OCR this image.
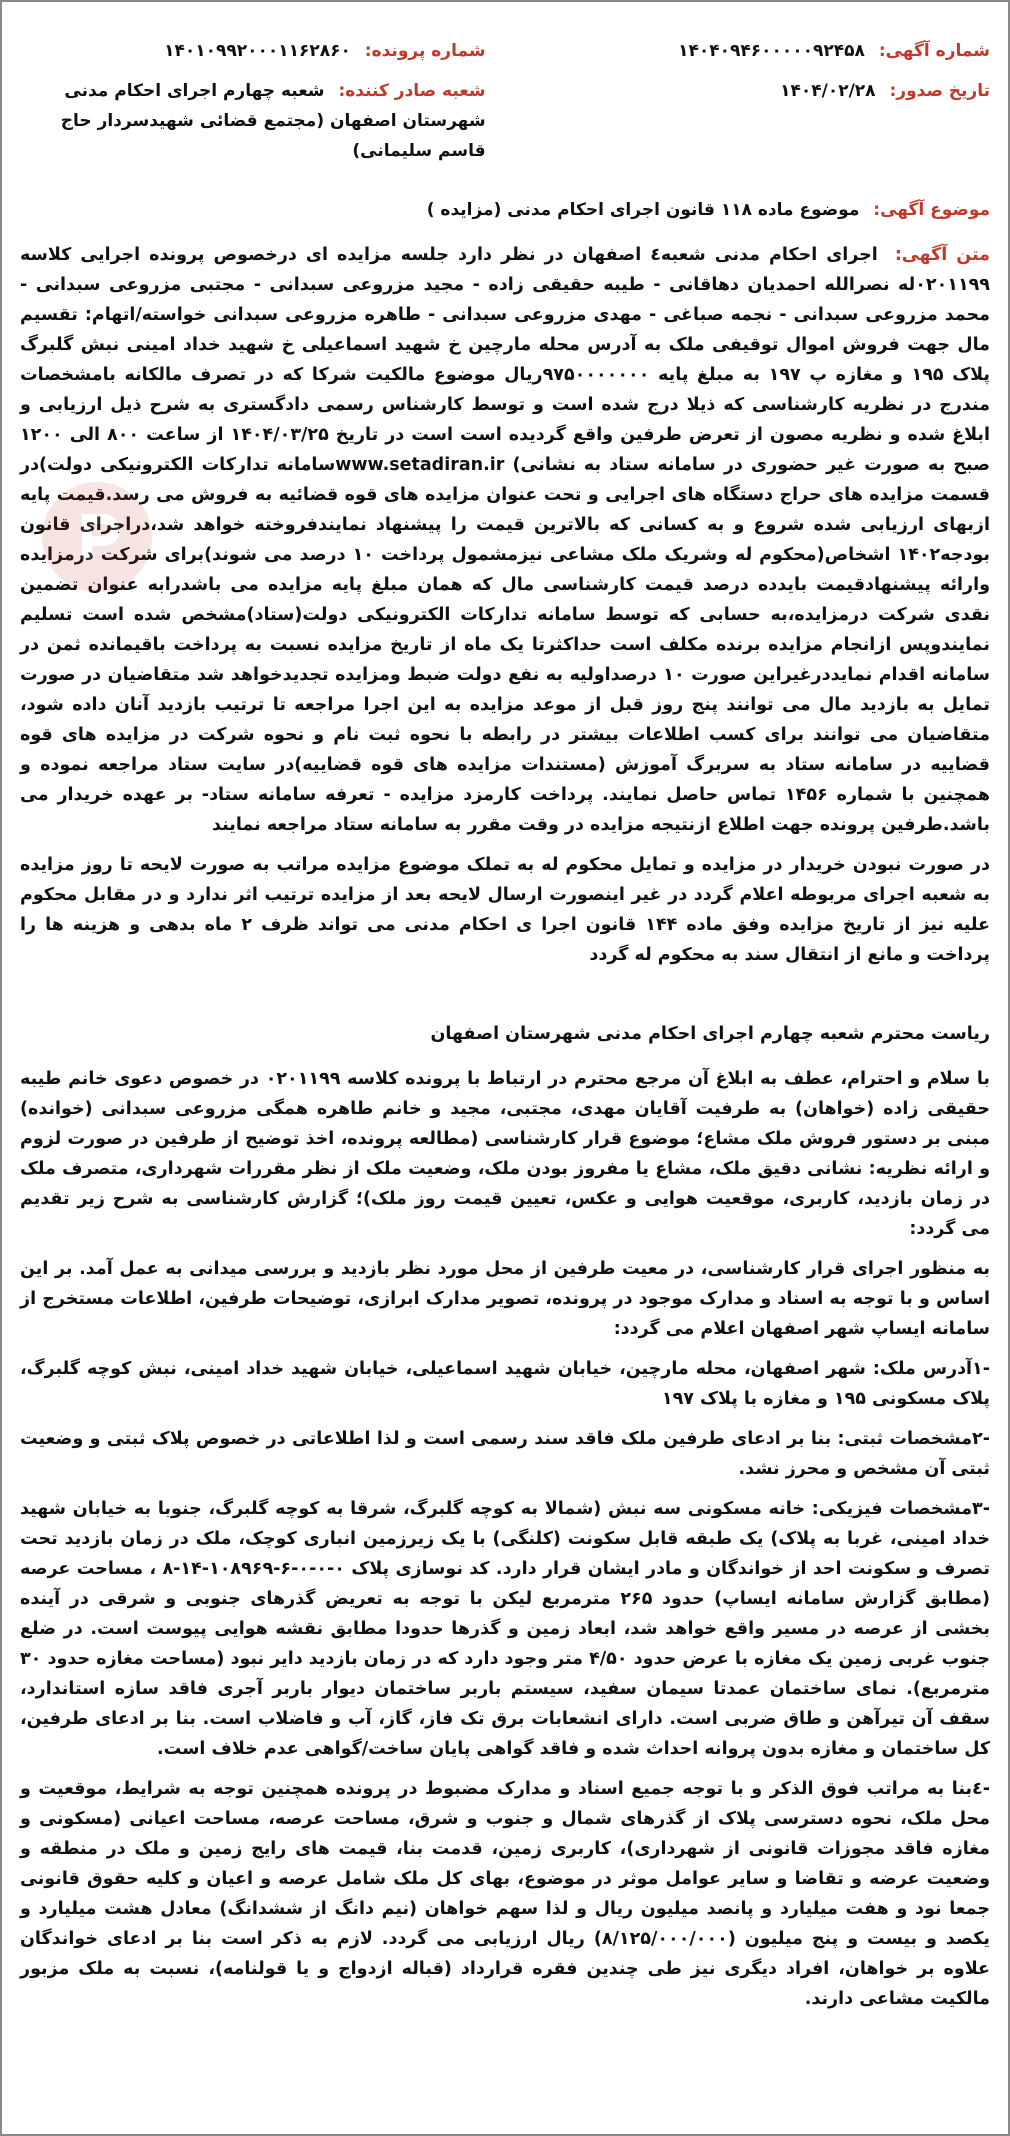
شماره آگهی: ۱۴۰۴۰۹۴۶۰۰۰۰۰۹۲۴۵۸
تاریخ صدور: ۱۴۰۴/۰۲/۲۸
شماره پرونده: ۱۴۰۱۰۹۹۲۰۰۰۱۱۶۲۸۶۰
شعبه صادر کننده: شعبه چهارم اجرای احکام مدنی شهرستان اصفهان (مجتمع قضائی شهیدسردار حاج قاسم سلیمانی)
موضوع آگهی: موضوع ماده ۱۱۸ قانون اجرای احکام مدنی (مزایده )

متن آگهی: اجرای احکام مدنی شعبه٤ اصفهان در نظر دارد جلسه مزایده ای درخصوص پرونده اجرایی کلاسه ۰۲۰۱۱۹۹له نصرالله احمدیان دهاقانی - طیبه حقیقی زاده - مجید مزروعی سبدانی - مجتبی مزروعی سبدانی - محمد مزروعی سبدانی - نجمه صباغی - مهدی مزروعی سبدانی - طاهره مزروعی سبدانی خواسته/اتهام: تقسیم مال جهت فروش اموال توقیفی ملک به آدرس محله مارچین خ شهید اسماعیلی خ شهید خداد امینی نبش گلبرگ پلاک ۱۹۵ و مغازه پ ۱۹۷ به مبلغ پایه ۹۷۵۰۰۰۰۰۰۰ریال موضوع مالکیت شرکا که در تصرف مالکانه بامشخصات مندرج در نظریه کارشناسی که ذیلا درج شده است و توسط کارشناس رسمی دادگستری به شرح ذیل ارزیابی و ابلاغ شده و نظریه مصون از تعرض طرفین واقع گردیده است است در تاریخ ۱۴۰۴/۰۳/۲۵ از ساعت ۸۰۰ الی ۱۲۰۰ صبح به صورت غیر حضوری در سامانه ستاد به نشانی) www.setadiran.irسامانه تدارکات الکترونیکی دولت)در قسمت مزایده های حراج دستگاه های اجرایی و تحت عنوان مزایده های قوه قضائیه به فروش می رسد.قیمت پایه ازبهای ارزیابی شده شروع و به کسانی که بالاترین قیمت را پیشنهاد نمایندفروخته خواهد شد،دراجرای قانون بودجه۱۴۰۲ اشخاص(محکوم له وشریک ملک مشاعی نیزمشمول پرداخت ۱۰ درصد می شوند)برای شرکت درمزایده وارائه پیشنهادقیمت بایدده درصد قیمت کارشناسی مال که همان مبلغ پایه مزایده می باشدرابه عنوان تضمین نقدی شرکت درمزایده،به حسابی که توسط سامانه تدارکات الکترونیکی دولت(ستاد)مشخص شده است تسلیم نمایندوپس ازانجام مزایده برنده مکلف است حداکثرتا یک ماه از تاریخ مزایده نسبت به پرداخت باقیمانده ثمن در سامانه اقدام نمایددرغیراین صورت ۱۰ درصداولیه به نفع دولت ضبط ومزایده تجدیدخواهد شد متقاضیان در صورت تمایل به بازدید مال می توانند پنج روز قبل از موعد مزایده به این اجرا مراجعه تا ترتیب بازدید آنان داده شود، متقاضیان می توانند برای کسب اطلاعات بیشتر در رابطه با نحوه ثبت نام و نحوه شرکت در مزایده های قوه قضاییه در سامانه ستاد به سربرگ آموزش (مستندات مزایده های قوه قضاییه)در سایت ستاد مراجعه نموده و همچنین با شماره ۱۴۵۶ تماس حاصل نمایند. پرداخت کارمزد مزایده - تعرفه سامانه ستاد- بر عهده خریدار می باشد.طرفین پرونده جهت اطلاع ازنتیجه مزایده در وقت مقرر به سامانه ستاد مراجعه نمایند

در صورت نبودن خریدار در مزایده و تمایل محکوم له به تملک موضوع مزایده مراتب به صورت لایحه تا روز مزایده به شعبه اجرای مربوطه اعلام گردد در غیر اینصورت ارسال لایحه بعد از مزایده ترتیب اثر ندارد و در مقابل محکوم علیه نیز از تاریخ مزایده وفق ماده ۱۴۴ قانون اجرا ی احکام مدنی می تواند ظرف ۲ ماه بدهی و هزینه ها را پرداخت و مانع از انتقال سند به محکوم له گردد

ریاست محترم شعبه چهارم اجرای احکام مدنی شهرستان اصفهان

با سلام و احترام، عطف به ابلاغ آن مرجع محترم در ارتباط با پرونده کلاسه ۰۲۰۱۱۹۹ در خصوص دعوی خانم طیبه حقیقی زاده (خواهان) به طرفیت آقایان مهدی، مجتبی، مجید و خانم طاهره همگی مزروعی سبدانی (خوانده) مبنی بر دستور فروش ملک مشاع؛ موضوع قرار کارشناسی (مطالعه پرونده، اخذ توضیح از طرفین در صورت لزوم و ارائه نظریه: نشانی دقیق ملک، مشاع یا مفروز بودن ملک، وضعیت ملک از نظر مقررات شهرداری، متصرف ملک در زمان بازدید، کاربری، موقعیت هوایی و عکس، تعیین قیمت روز ملک)؛ گزارش کارشناسی به شرح زیر تقدیم می گردد:

به منظور اجرای قرار کارشناسی، در معیت طرفین از محل مورد نظر بازدید و بررسی میدانی به عمل آمد. بر این اساس و با توجه به اسناد و مدارک موجود در پرونده، تصویر مدارک ابرازی، توضیحات طرفین، اطلاعات مستخرج از سامانه ایساپ شهر اصفهان اعلام می گردد:

-۱آدرس ملک: شهر اصفهان، محله مارچین، خیابان شهید اسماعیلی، خیابان شهید خداد امینی، نبش کوچه گلبرگ، پلاک مسکونی ۱۹۵ و مغازه با پلاک ۱۹۷

-۲مشخصات ثبتی: بنا بر ادعای طرفین ملک فاقد سند رسمی است و لذا اطلاعاتی در خصوص پلاک ثبتی و وضعیت ثبتی آن مشخص و محرز نشد.

-۳مشخصات فیزیکی: خانه مسکونی سه نبش (شمالا به کوچه گلبرگ، شرقا به کوچه گلبرگ، جنوبا به خیابان شهید خداد امینی، غربا به پلاک) یک طبقه قابل سکونت (کلنگی) با یک زیرزمین انباری کوچک، ملک در زمان بازدید تحت تصرف و سکونت احد از خواندگان و مادر ایشان قرار دارد. کد نوسازی پلاک ۰-۰-۰-۶-۱۰۸۹۶۹-۱۴-۸ ، مساحت عرصه (مطابق گزارش سامانه ایساپ) حدود ۲۶۵ مترمربع لیکن با توجه به تعریض گذرهای جنوبی و شرقی در آینده بخشی از عرصه در مسیر واقع خواهد شد، ابعاد زمین و گذرها حدودا مطابق نقشه هوایی پیوست است. در ضلع جنوب غربی زمین یک مغازه با عرض حدود ۴/۵۰ متر وجود دارد که در زمان بازدید دایر نبود (مساحت مغازه حدود ۳۰ مترمربع). نمای ساختمان عمدتا سیمان سفید، سیستم باربر ساختمان دیوار باربر آجری فاقد سازه استاندارد، سقف آن تیرآهن و طاق ضربی است. دارای انشعابات برق تک فاز، گاز، آب و فاضلاب است. بنا بر ادعای طرفین، کل ساختمان و مغازه بدون پروانه احداث شده و فاقد گواهی پایان ساخت/گواهی عدم خلاف است.

-٤بنا به مراتب فوق الذکر و با توجه جمیع اسناد و مدارک مضبوط در پرونده همچنین توجه به شرایط، موقعیت و محل ملک، نحوه دسترسی پلاک از گذرهای شمال و جنوب و شرق، مساحت عرصه، مساحت اعیانی (مسکونی و مغازه فاقد مجوزات قانونی از شهرداری)، کاربری زمین، قدمت بنا، قیمت های رایج زمین و ملک در منطقه و وضعیت عرضه و تقاضا و سایر عوامل موثر در موضوع، بهای کل ملک شامل عرصه و اعیان و کلیه حقوق قانونی جمعا نود و هفت میلیارد و پانصد میلیون ریال و لذا سهم خواهان (نیم دانگ از ششدانگ) معادل هشت میلیارد و یکصد و بیست و پنج میلیون (۸/۱۲۵/۰۰۰/۰۰۰) ریال ارزیابی می گردد. لازم به ذکر است بنا بر ادعای خواندگان علاوه بر خواهان، افراد دیگری نیز طی چندین فقره قرارداد (قباله ازدواج و یا قولنامه)، نسبت به ملک مزبور مالکیت مشاعی دارند.
